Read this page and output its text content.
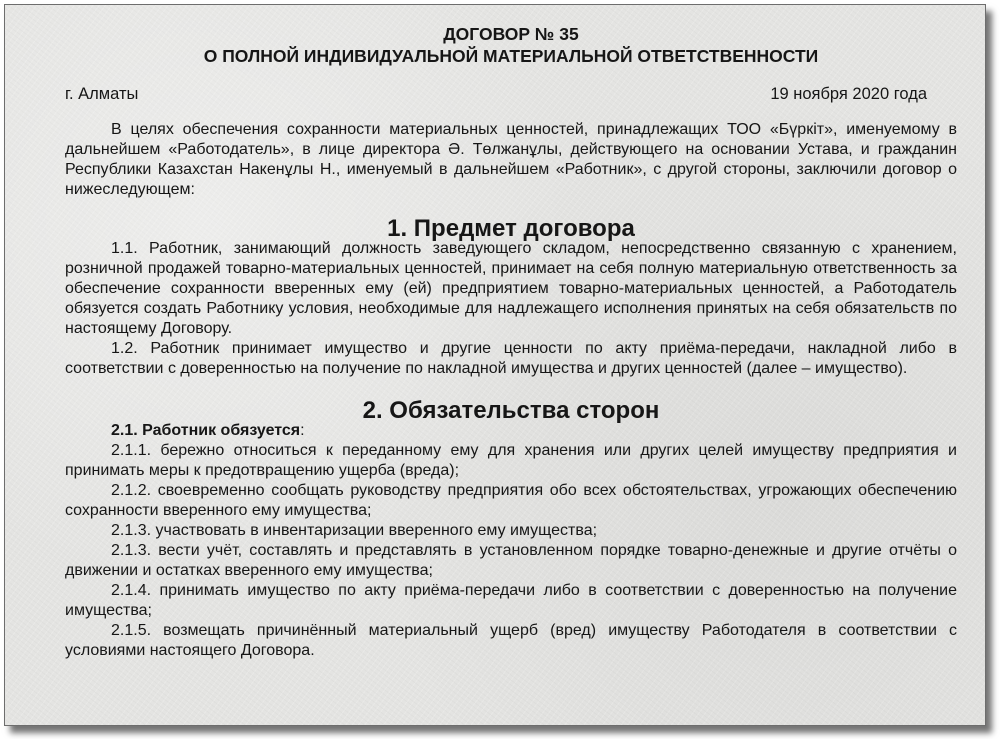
ДОГОВОР № 35
О ПОЛНОЙ ИНДИВИДУАЛЬНОЙ МАТЕРИАЛЬНОЙ ОТВЕТСТВЕННОСТИ
г. Алматы	19 ноября 2020 года

В целях обеспечения сохранности материальных ценностей, принадлежащих ТОО «Бүркіт», именуемому в дальнейшем «Работодатель», в лице директора Ә. Төлжанұлы, действующего на основании Устава, и гражданин Республики Казахстан Накенұлы Н., именуемый в дальнейшем «Работник», с другой стороны, заключили договор о нижеследующем:

1. Предмет договора

1.1. Работник, занимающий должность заведующего складом, непосредственно связанную с хранением, розничной продажей товарно-материальных ценностей, принимает на себя полную материальную ответственность за обеспечение сохранности вверенных ему (ей) предприятием товарно-материальных ценностей, а Работодатель обязуется создать Работнику условия, необходимые для надлежащего исполнения принятых на себя обязательств по настоящему Договору.

1.2. Работник принимает имущество и другие ценности по акту приёма-передачи, накладной либо в соответствии с доверенностью на получение по накладной имущества и других ценностей (далее – имущество).

2. Обязательства сторон

2.1. Работник обязуется:

2.1.1. бережно относиться к переданному ему для хранения или других целей имуществу предприятия и принимать меры к предотвращению ущерба (вреда);

2.1.2. своевременно сообщать руководству предприятия обо всех обстоятельствах, угрожающих обеспечению сохранности вверенного ему имущества;

2.1.3. участвовать в инвентаризации вверенного ему имущества;

2.1.3. вести учёт, составлять и представлять в установленном порядке товарно-денежные и другие отчёты о движении и остатках вверенного ему имущества;

2.1.4. принимать имущество по акту приёма-передачи либо в соответствии с доверенностью на получение имущества;

2.1.5. возмещать причинённый материальный ущерб (вред) имуществу Работодателя в соответствии с условиями настоящего Договора.
